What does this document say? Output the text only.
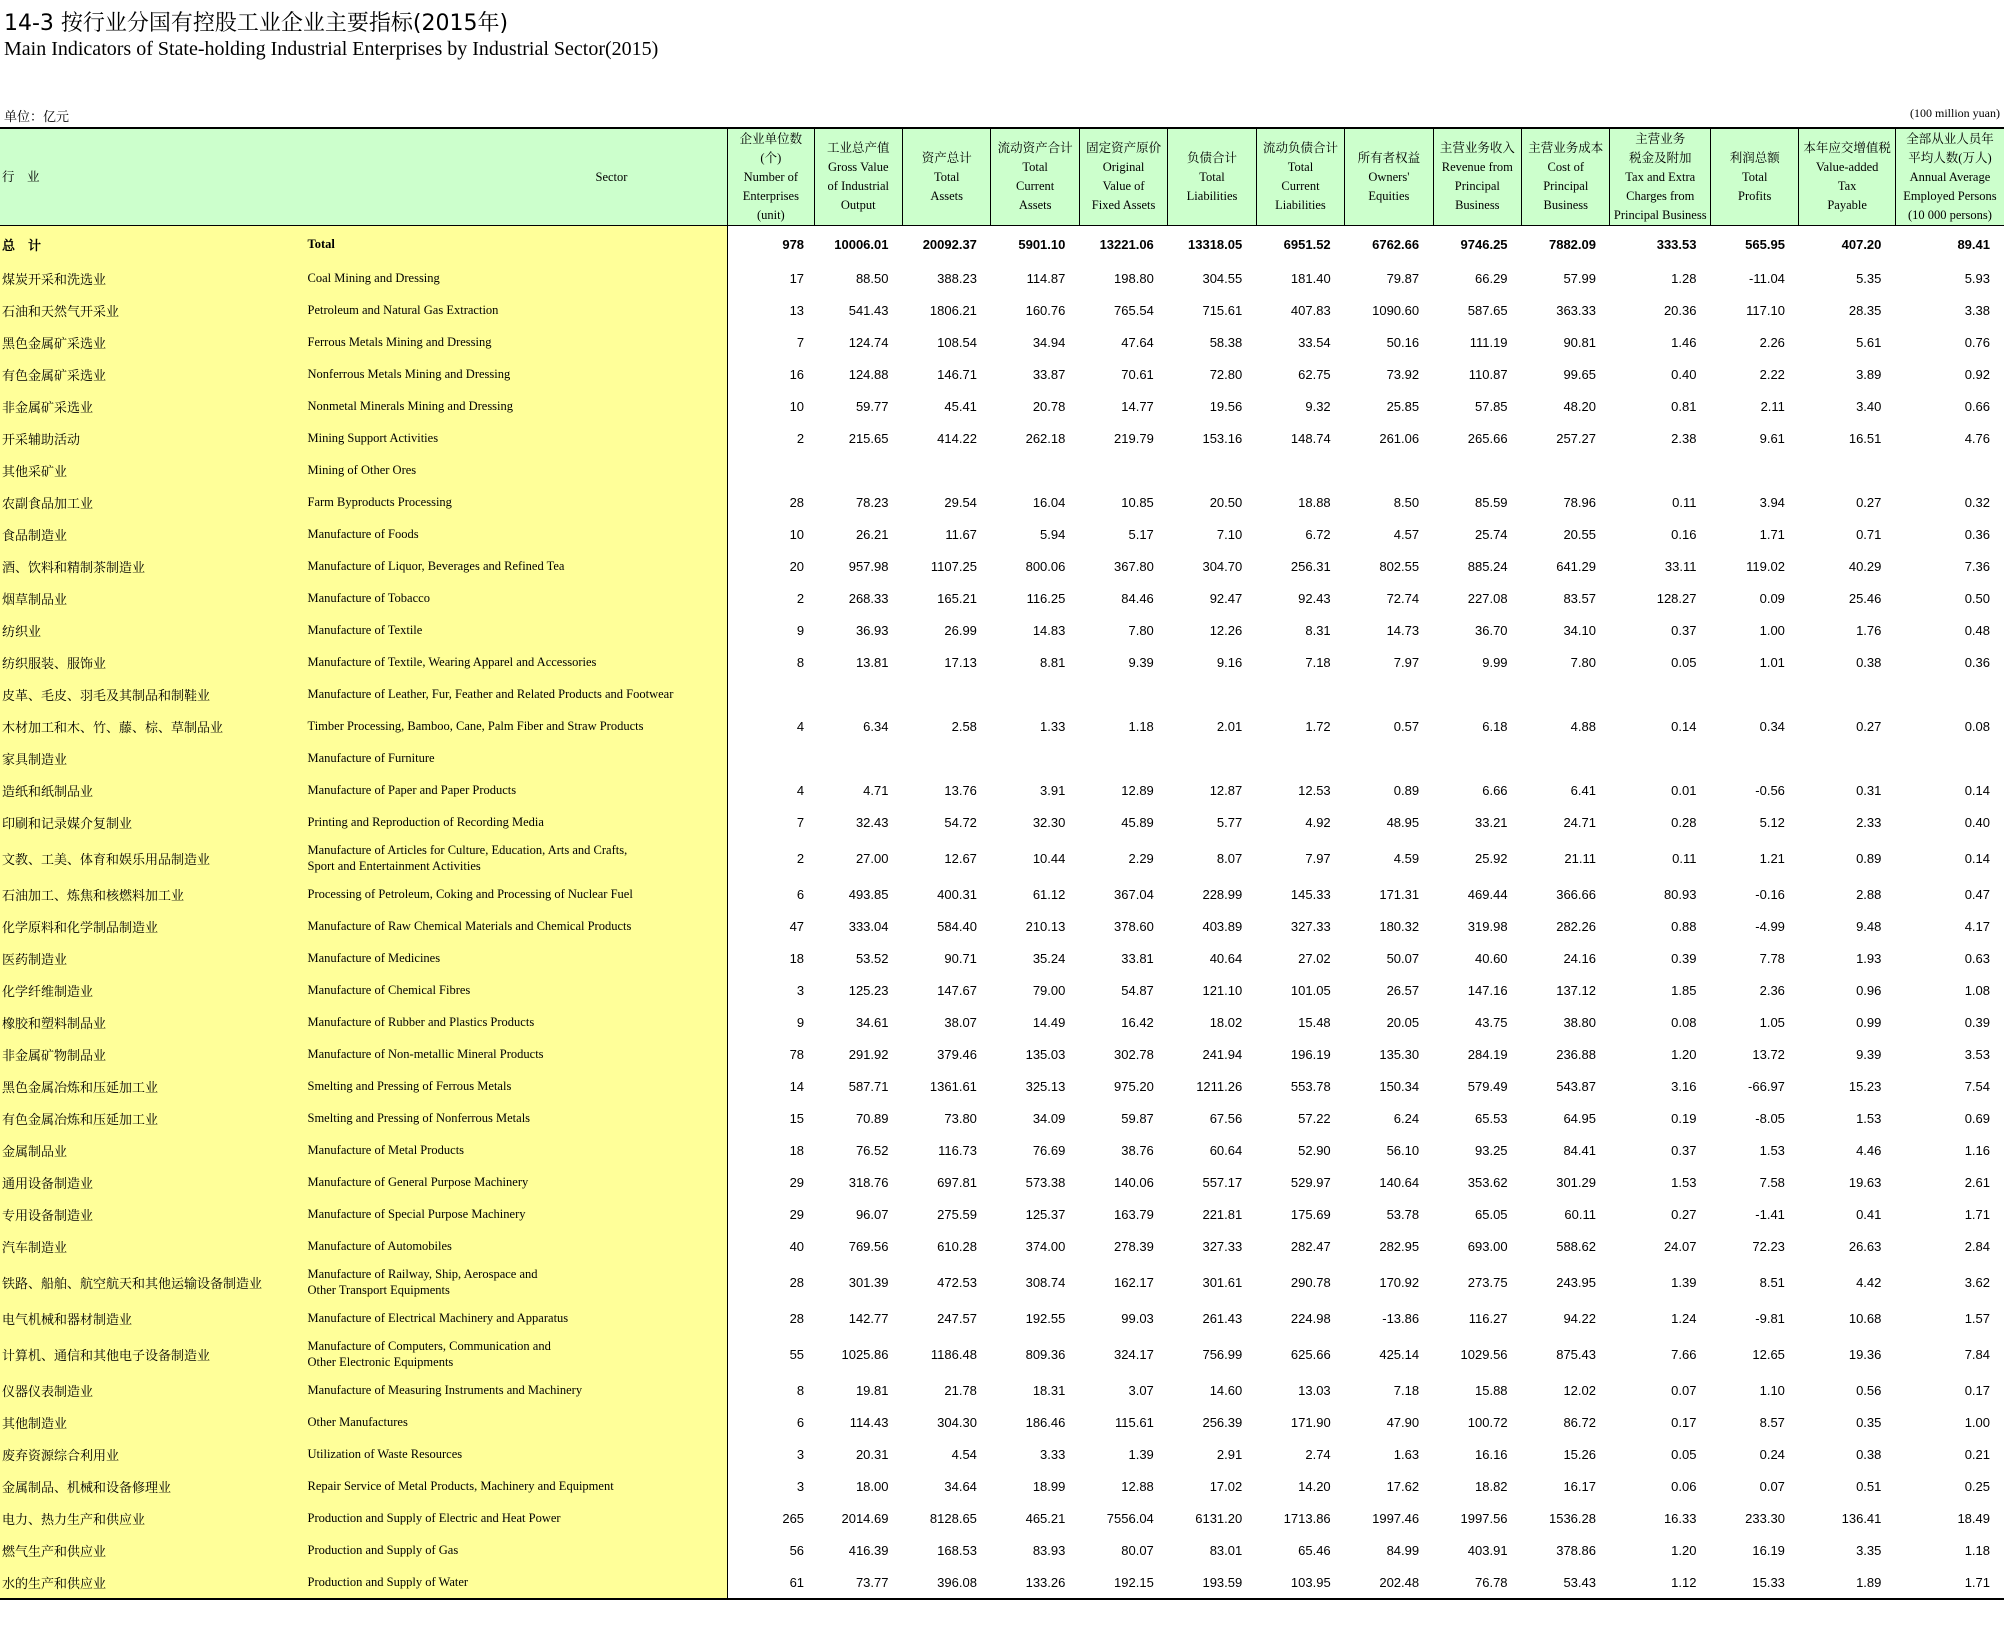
14-3 按行业分国有控股工业企业主要指标(2015年)
Main Indicators of State-holding Industrial Enterprises by Industrial Sector(2015)
单位：亿元	(100 million yuan)
行　业	Sector	企业单位数
(个)
Number of
Enterprises
(unit)	工业总产值
Gross Value
of Industrial
Output	资产总计
Total
Assets	流动资产合计
Total
Current
Assets	固定资产原价
Original
Value of
Fixed Assets	负债合计
Total
Liabilities	流动负债合计
Total
Current
Liabilities	所有者权益
Owners'
Equities	主营业务收入
Revenue from
Principal
Business	主营业务成本
Cost of
Principal
Business	主营业务
税金及附加
Tax and Extra
Charges from
Principal Business	利润总额
Total
Profits	本年应交增值税
Value-added
Tax
Payable	全部从业人员年
平均人数(万人)
Annual Average
Employed Persons
(10 000 persons)
总　计	Total	978	10006.01	20092.37	5901.10	13221.06	13318.05	6951.52	6762.66	9746.25	7882.09	333.53	565.95	407.20	89.41
煤炭开采和洗选业	Coal Mining and Dressing	17	88.50	388.23	114.87	198.80	304.55	181.40	79.87	66.29	57.99	1.28	-11.04	5.35	5.93
石油和天然气开采业	Petroleum and Natural Gas Extraction	13	541.43	1806.21	160.76	765.54	715.61	407.83	1090.60	587.65	363.33	20.36	117.10	28.35	3.38
黑色金属矿采选业	Ferrous Metals Mining and Dressing	7	124.74	108.54	34.94	47.64	58.38	33.54	50.16	111.19	90.81	1.46	2.26	5.61	0.76
有色金属矿采选业	Nonferrous Metals Mining and Dressing	16	124.88	146.71	33.87	70.61	72.80	62.75	73.92	110.87	99.65	0.40	2.22	3.89	0.92
非金属矿采选业	Nonmetal Minerals Mining and Dressing	10	59.77	45.41	20.78	14.77	19.56	9.32	25.85	57.85	48.20	0.81	2.11	3.40	0.66
开采辅助活动	Mining Support Activities	2	215.65	414.22	262.18	219.79	153.16	148.74	261.06	265.66	257.27	2.38	9.61	16.51	4.76
其他采矿业	Mining of Other Ores														
农副食品加工业	Farm Byproducts Processing	28	78.23	29.54	16.04	10.85	20.50	18.88	8.50	85.59	78.96	0.11	3.94	0.27	0.32
食品制造业	Manufacture of Foods	10	26.21	11.67	5.94	5.17	7.10	6.72	4.57	25.74	20.55	0.16	1.71	0.71	0.36
酒、饮料和精制茶制造业	Manufacture of Liquor, Beverages and Refined Tea	20	957.98	1107.25	800.06	367.80	304.70	256.31	802.55	885.24	641.29	33.11	119.02	40.29	7.36
烟草制品业	Manufacture of Tobacco	2	268.33	165.21	116.25	84.46	92.47	92.43	72.74	227.08	83.57	128.27	0.09	25.46	0.50
纺织业	Manufacture of Textile	9	36.93	26.99	14.83	7.80	12.26	8.31	14.73	36.70	34.10	0.37	1.00	1.76	0.48
纺织服装、服饰业	Manufacture of Textile, Wearing Apparel and Accessories	8	13.81	17.13	8.81	9.39	9.16	7.18	7.97	9.99	7.80	0.05	1.01	0.38	0.36
皮革、毛皮、羽毛及其制品和制鞋业	Manufacture of Leather, Fur, Feather and Related Products and Footwear														
木材加工和木、竹、藤、棕、草制品业	Timber Processing, Bamboo, Cane, Palm Fiber and Straw Products	4	6.34	2.58	1.33	1.18	2.01	1.72	0.57	6.18	4.88	0.14	0.34	0.27	0.08
家具制造业	Manufacture of Furniture														
造纸和纸制品业	Manufacture of Paper and Paper Products	4	4.71	13.76	3.91	12.89	12.87	12.53	0.89	6.66	6.41	0.01	-0.56	0.31	0.14
印刷和记录媒介复制业	Printing and Reproduction of Recording Media	7	32.43	54.72	32.30	45.89	5.77	4.92	48.95	33.21	24.71	0.28	5.12	2.33	0.40
文教、工美、体育和娱乐用品制造业	Manufacture of Articles for Culture, Education, Arts and Crafts,
Sport and Entertainment Activities	2	27.00	12.67	10.44	2.29	8.07	7.97	4.59	25.92	21.11	0.11	1.21	0.89	0.14
石油加工、炼焦和核燃料加工业	Processing of Petroleum, Coking and Processing of Nuclear Fuel	6	493.85	400.31	61.12	367.04	228.99	145.33	171.31	469.44	366.66	80.93	-0.16	2.88	0.47
化学原料和化学制品制造业	Manufacture of Raw Chemical Materials and Chemical Products	47	333.04	584.40	210.13	378.60	403.89	327.33	180.32	319.98	282.26	0.88	-4.99	9.48	4.17
医药制造业	Manufacture of Medicines	18	53.52	90.71	35.24	33.81	40.64	27.02	50.07	40.60	24.16	0.39	7.78	1.93	0.63
化学纤维制造业	Manufacture of Chemical Fibres	3	125.23	147.67	79.00	54.87	121.10	101.05	26.57	147.16	137.12	1.85	2.36	0.96	1.08
橡胶和塑料制品业	Manufacture of Rubber and Plastics Products	9	34.61	38.07	14.49	16.42	18.02	15.48	20.05	43.75	38.80	0.08	1.05	0.99	0.39
非金属矿物制品业	Manufacture of Non-metallic Mineral Products	78	291.92	379.46	135.03	302.78	241.94	196.19	135.30	284.19	236.88	1.20	13.72	9.39	3.53
黑色金属冶炼和压延加工业	Smelting and Pressing of Ferrous Metals	14	587.71	1361.61	325.13	975.20	1211.26	553.78	150.34	579.49	543.87	3.16	-66.97	15.23	7.54
有色金属冶炼和压延加工业	Smelting and Pressing of Nonferrous Metals	15	70.89	73.80	34.09	59.87	67.56	57.22	6.24	65.53	64.95	0.19	-8.05	1.53	0.69
金属制品业	Manufacture of Metal Products	18	76.52	116.73	76.69	38.76	60.64	52.90	56.10	93.25	84.41	0.37	1.53	4.46	1.16
通用设备制造业	Manufacture of General Purpose Machinery	29	318.76	697.81	573.38	140.06	557.17	529.97	140.64	353.62	301.29	1.53	7.58	19.63	2.61
专用设备制造业	Manufacture of Special Purpose Machinery	29	96.07	275.59	125.37	163.79	221.81	175.69	53.78	65.05	60.11	0.27	-1.41	0.41	1.71
汽车制造业	Manufacture of Automobiles	40	769.56	610.28	374.00	278.39	327.33	282.47	282.95	693.00	588.62	24.07	72.23	26.63	2.84
铁路、船舶、航空航天和其他运输设备制造业	Manufacture of Railway, Ship, Aerospace and
Other Transport Equipments	28	301.39	472.53	308.74	162.17	301.61	290.78	170.92	273.75	243.95	1.39	8.51	4.42	3.62
电气机械和器材制造业	Manufacture of Electrical Machinery and Apparatus	28	142.77	247.57	192.55	99.03	261.43	224.98	-13.86	116.27	94.22	1.24	-9.81	10.68	1.57
计算机、通信和其他电子设备制造业	Manufacture of Computers, Communication and
Other Electronic Equipments	55	1025.86	1186.48	809.36	324.17	756.99	625.66	425.14	1029.56	875.43	7.66	12.65	19.36	7.84
仪器仪表制造业	Manufacture of Measuring Instruments and Machinery	8	19.81	21.78	18.31	3.07	14.60	13.03	7.18	15.88	12.02	0.07	1.10	0.56	0.17
其他制造业	Other Manufactures	6	114.43	304.30	186.46	115.61	256.39	171.90	47.90	100.72	86.72	0.17	8.57	0.35	1.00
废弃资源综合利用业	Utilization of Waste Resources	3	20.31	4.54	3.33	1.39	2.91	2.74	1.63	16.16	15.26	0.05	0.24	0.38	0.21
金属制品、机械和设备修理业	Repair Service of Metal Products, Machinery and Equipment	3	18.00	34.64	18.99	12.88	17.02	14.20	17.62	18.82	16.17	0.06	0.07	0.51	0.25
电力、热力生产和供应业	Production and Supply of Electric and Heat Power	265	2014.69	8128.65	465.21	7556.04	6131.20	1713.86	1997.46	1997.56	1536.28	16.33	233.30	136.41	18.49
燃气生产和供应业	Production and Supply of Gas	56	416.39	168.53	83.93	80.07	83.01	65.46	84.99	403.91	378.86	1.20	16.19	3.35	1.18
水的生产和供应业	Production and Supply of Water	61	73.77	396.08	133.26	192.15	193.59	103.95	202.48	76.78	53.43	1.12	15.33	1.89	1.71
